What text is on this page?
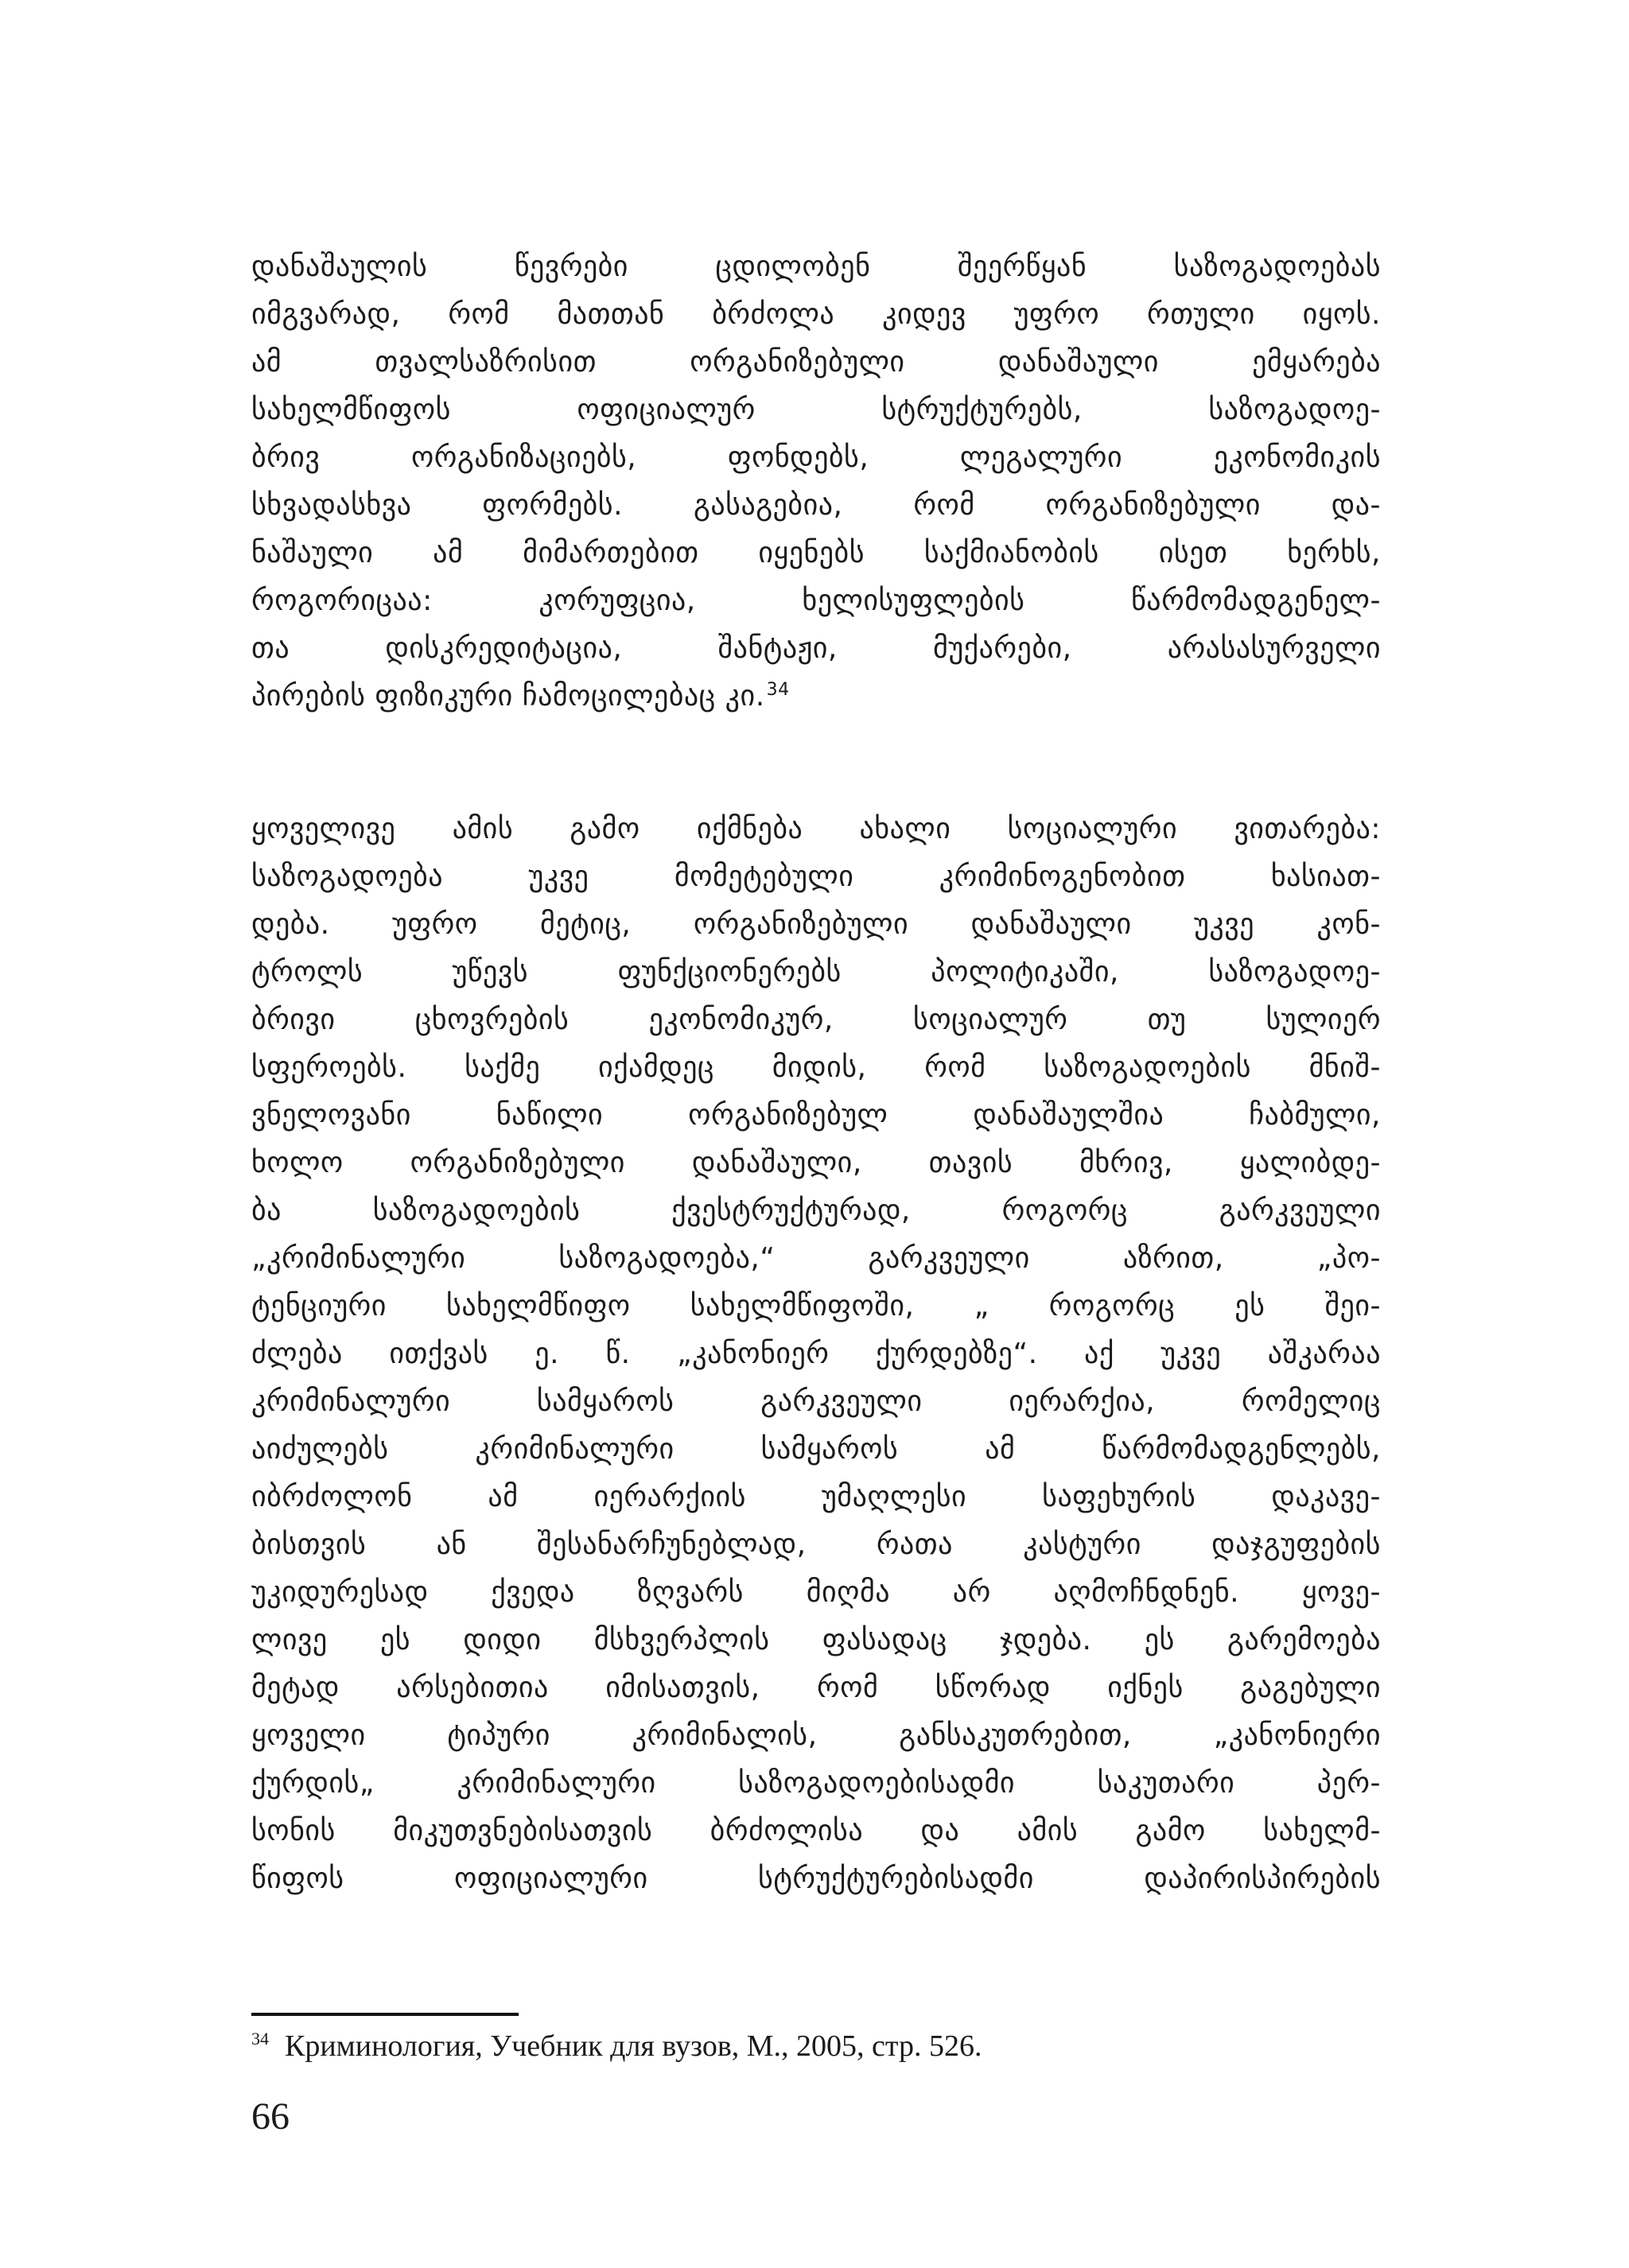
დანაშაულის წევრები ცდილობენ შეერწყან საზოგადოებას
იმგვარად, რომ მათთან ბრძოლა კიდევ უფრო რთული იყოს.
ამ თვალსაზრისით ორგანიზებული დანაშაული ემყარება
სახელმწიფოს ოფიციალურ სტრუქტურებს, საზოგადოე-
ბრივ ორგანიზაციებს, ფონდებს, ლეგალური ეკონომიკის
სხვადასხვა ფორმებს. გასაგებია, რომ ორგანიზებული და-
ნაშაული ამ მიმართებით იყენებს საქმიანობის ისეთ ხერხს,
როგორიცაა: კორუფცია, ხელისუფლების წარმომადგენელ-
თა დისკრედიტაცია, შანტაჟი, მუქარები, არასასურველი
პირების ფიზიკური ჩამოცილებაც კი.$^{34}$
ყოველივე ამის გამო იქმნება ახალი სოციალური ვითარება:
საზოგადოება უკვე მომეტებული კრიმინოგენობით ხასიათ-
დება. უფრო მეტიც, ორგანიზებული დანაშაული უკვე კონ-
ტროლს უწევს ფუნქციონერებს პოლიტიკაში, საზოგადოე-
ბრივი ცხოვრების ეკონომიკურ, სოციალურ თუ სულიერ
სფეროებს. საქმე იქამდეც მიდის, რომ საზოგადოების მნიშ-
ვნელოვანი ნაწილი ორგანიზებულ დანაშაულშია ჩაბმული,
ხოლო ორგანიზებული დანაშაული, თავის მხრივ, ყალიბდე-
ბა საზოგადოების ქვესტრუქტურად, როგორც გარკვეული
„კრიმინალური საზოგადოება,“ გარკვეული აზრით, „პო-
ტენციური სახელმწიფო სახელმწიფოში, „ როგორც ეს შეი-
ძლება ითქვას ე. წ. „კანონიერ ქურდებზე“. აქ უკვე აშკარაა
კრიმინალური სამყაროს გარკვეული იერარქია, რომელიც
აიძულებს კრიმინალური სამყაროს ამ წარმომადგენლებს,
იბრძოლონ ამ იერარქიის უმაღლესი საფეხურის დაკავე-
ბისთვის ან შესანარჩუნებლად, რათა კასტური დაჯგუფების
უკიდურესად ქვედა ზღვარს მიღმა არ აღმოჩნდნენ. ყოვე-
ლივე ეს დიდი მსხვერპლის ფასადაც ჯდება. ეს გარემოება
მეტად არსებითია იმისათვის, რომ სწორად იქნეს გაგებული
ყოველი ტიპური კრიმინალის, განსაკუთრებით, „კანონიერი
ქურდის„ კრიმინალური საზოგადოებისადმი საკუთარი პერ-
სონის მიკუთვნებისათვის ბრძოლისა და ამის გამო სახელმ-
წიფოს ოფიციალური სტრუქტურებისადმი დაპირისპირების
$^{34}$ Криминология, Учебник для вузов, М., 2005, стр. 526.
66
